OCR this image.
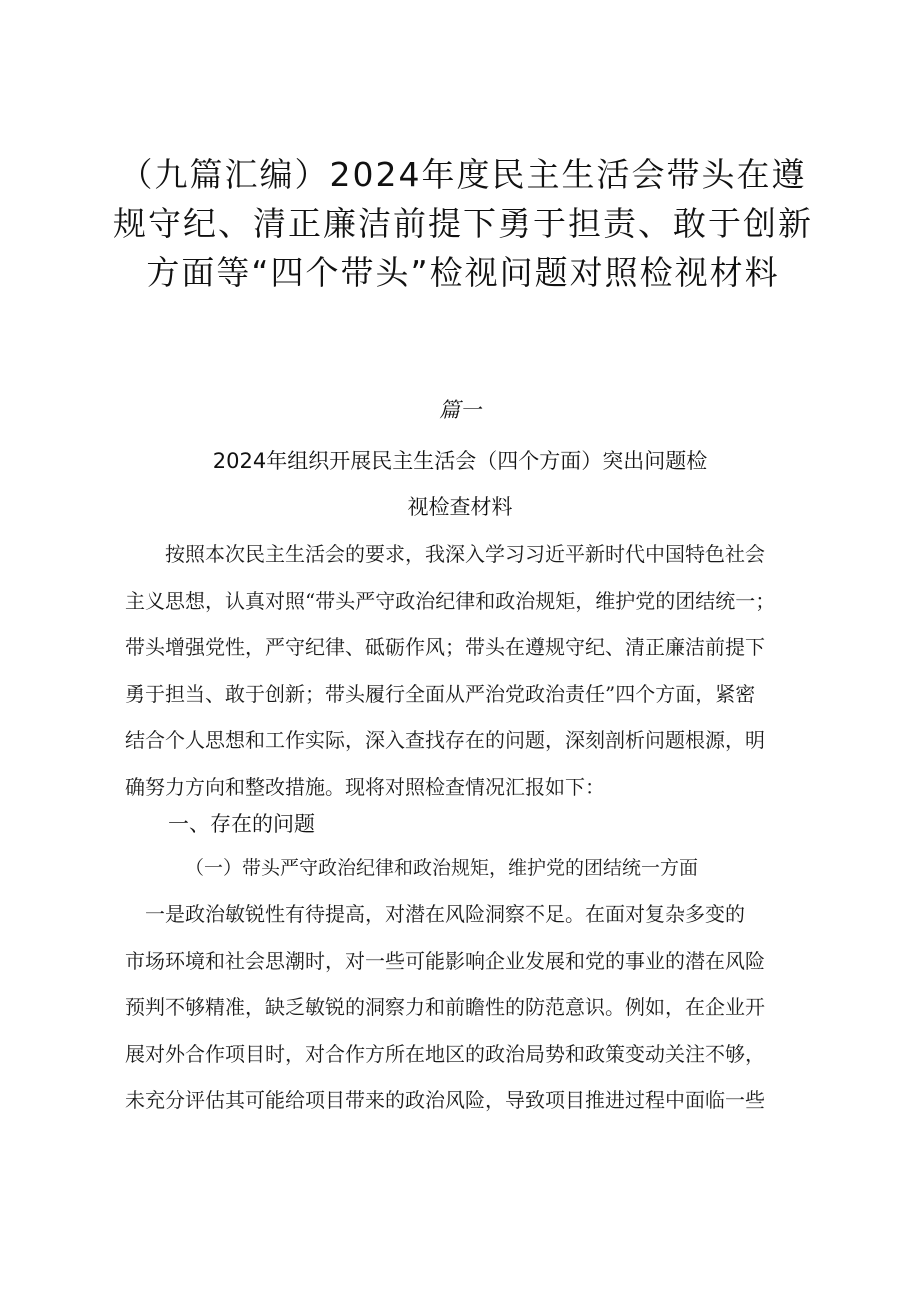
（九篇汇编）2024年度民主生活会带头在遵
规守纪、清正廉洁前提下勇于担责、敢于创新
方面等“四个带头”检视问题对照检视材料
篇一
2024年组织开展民主生活会（四个方面）突出问题检
视检查材料
　　按照本次民主生活会的要求，我深入学习习近平新时代中国特色社会
主义思想，认真对照“带头严守政治纪律和政治规矩，维护党的团结统一；
带头增强党性，严守纪律、砥砺作风；带头在遵规守纪、清正廉洁前提下
勇于担当、敢于创新；带头履行全面从严治党政治责任”四个方面，紧密
结合个人思想和工作实际，深入查找存在的问题，深刻剖析问题根源，明
确努力方向和整改措施。现将对照检查情况汇报如下：
一、存在的问题
（一）带头严守政治纪律和政治规矩，维护党的团结统一方面
　一是政治敏锐性有待提高，对潜在风险洞察不足。在面对复杂多变的
市场环境和社会思潮时，对一些可能影响企业发展和党的事业的潜在风险
预判不够精准，缺乏敏锐的洞察力和前瞻性的防范意识。例如，在企业开
展对外合作项目时，对合作方所在地区的政治局势和政策变动关注不够，
未充分评估其可能给项目带来的政治风险，导致项目推进过程中面临一些
